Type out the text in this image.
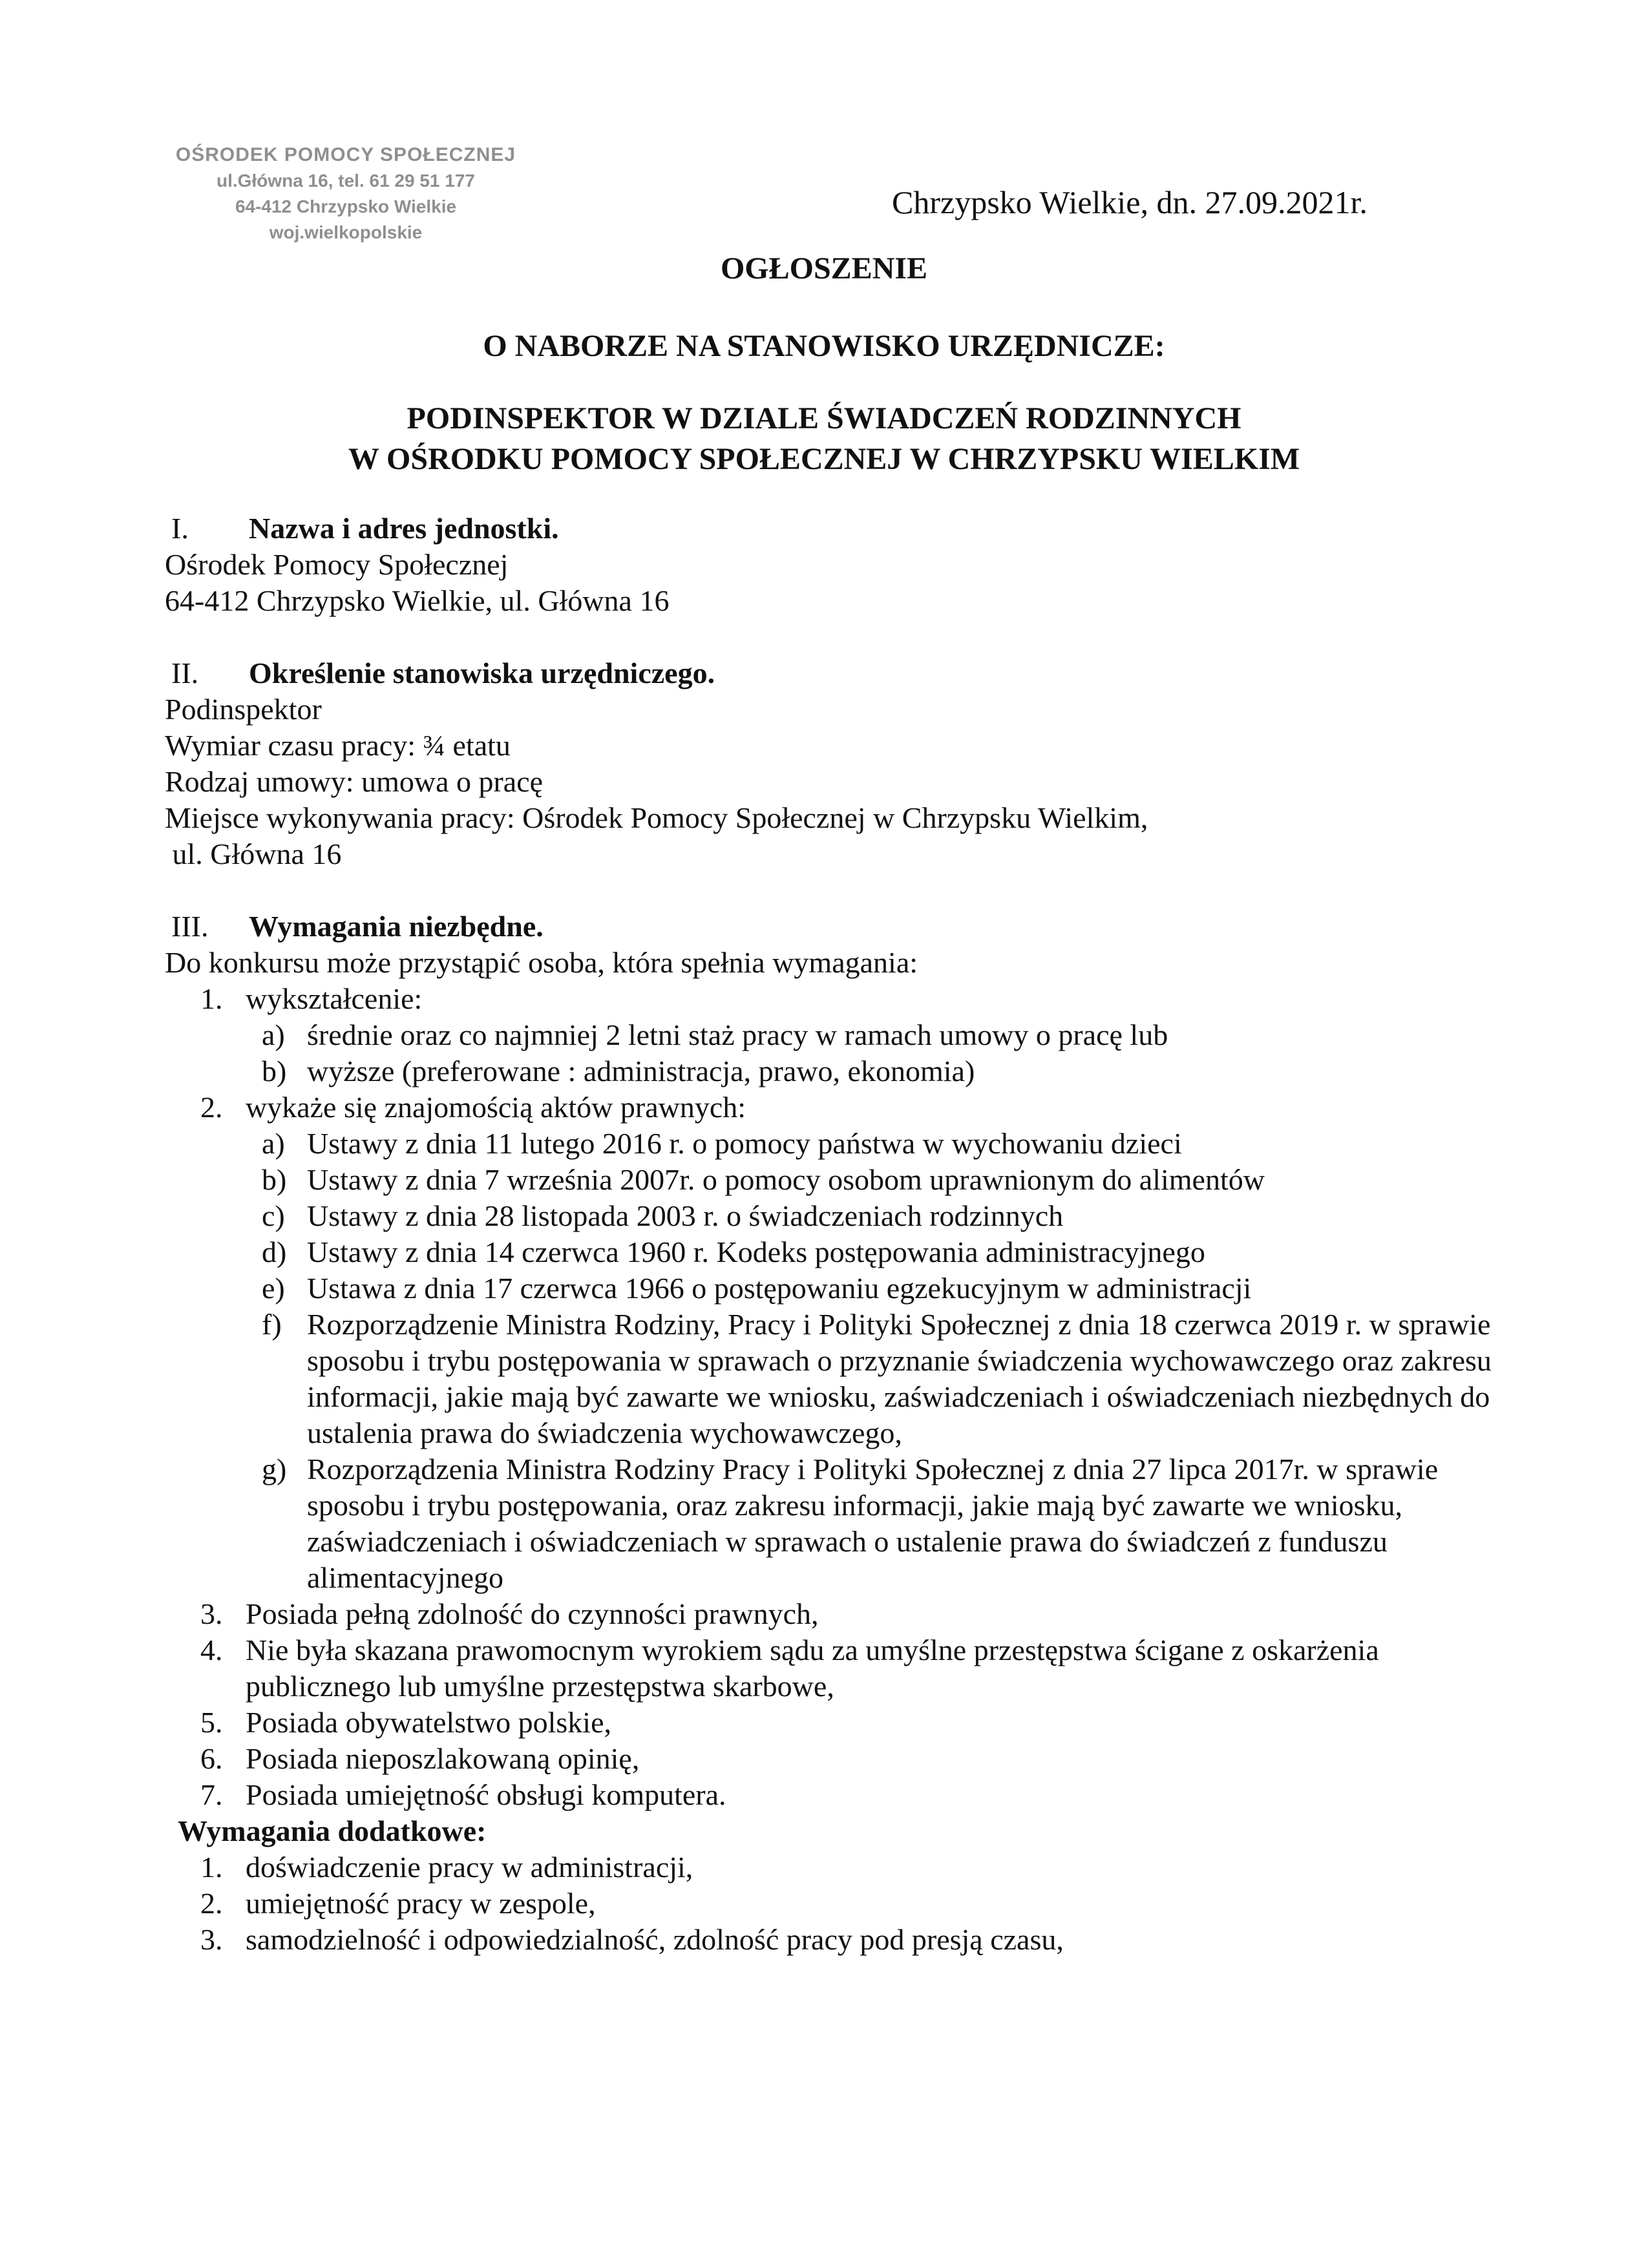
OŚRODEK POMOCY SPOŁECZNEJ
ul.Główna 16, tel. 61 29 51 177
64-412 Chrzypsko Wielkie
woj.wielkopolskie
Chrzypsko Wielkie, dn. 27.09.2021r.
OGŁOSZENIE
O NABORZE NA STANOWISKO URZĘDNICZE:
PODINSPEKTOR W DZIALE ŚWIADCZEŃ RODZINNYCH
W OŚRODKU POMOCY SPOŁECZNEJ W CHRZYPSKU WIELKIM
I.	Nazwa i adres jednostki.

Ośrodek Pomocy Społecznej

64-412 Chrzypsko Wielkie, ul. Główna 16

II.	Określenie stanowiska urzędniczego.

Podinspektor

Wymiar czasu pracy: ¾ etatu

Rodzaj umowy: umowa o pracę

Miejsce wykonywania pracy: Ośrodek Pomocy Społecznej w Chrzypsku Wielkim,

ul. Główna 16

III.	Wymagania niezbędne.

Do konkursu może przystąpić osoba, która spełnia wymagania:

1. wykształcenie:
a) średnie oraz co najmniej 2 letni staż pracy w ramach umowy o pracę lub
b) wyższe (preferowane : administracja, prawo, ekonomia)
2. wykaże się znajomością aktów prawnych:
a) Ustawy z dnia 11 lutego 2016 r. o pomocy państwa w wychowaniu dzieci
b) Ustawy z dnia 7 września 2007r. o pomocy osobom uprawnionym do alimentów
c) Ustawy z dnia 28 listopada 2003 r. o świadczeniach rodzinnych
d) Ustawy z dnia 14 czerwca 1960 r. Kodeks postępowania administracyjnego
e) Ustawa z dnia 17 czerwca 1966 o postępowaniu egzekucyjnym w administracji
f) Rozporządzenie Ministra Rodziny, Pracy i Polityki Społecznej z dnia 18 czerwca 2019 r. w sprawie sposobu i trybu postępowania w sprawach o przyznanie świadczenia wychowawczego oraz zakresu informacji, jakie mają być zawarte we wniosku, zaświadczeniach i oświadczeniach niezbędnych do ustalenia prawa do świadczenia wychowawczego,
g) Rozporządzenia Ministra Rodziny Pracy i Polityki Społecznej z dnia 27 lipca 2017r. w sprawie sposobu i trybu postępowania, oraz zakresu informacji, jakie mają być zawarte we wniosku, zaświadczeniach i oświadczeniach w sprawach o ustalenie prawa do świadczeń z funduszu alimentacyjnego
3. Posiada pełną zdolność do czynności prawnych,
4. Nie była skazana prawomocnym wyrokiem sądu za umyślne przestępstwa ścigane z oskarżenia publicznego lub umyślne przestępstwa skarbowe,
5. Posiada obywatelstwo polskie,
6. Posiada nieposzlakowaną opinię,
7. Posiada umiejętność obsługi komputera.

Wymagania dodatkowe:

1. doświadczenie pracy w administracji,
2. umiejętność pracy w zespole,
3. samodzielność i odpowiedzialność, zdolność pracy pod presją czasu,
